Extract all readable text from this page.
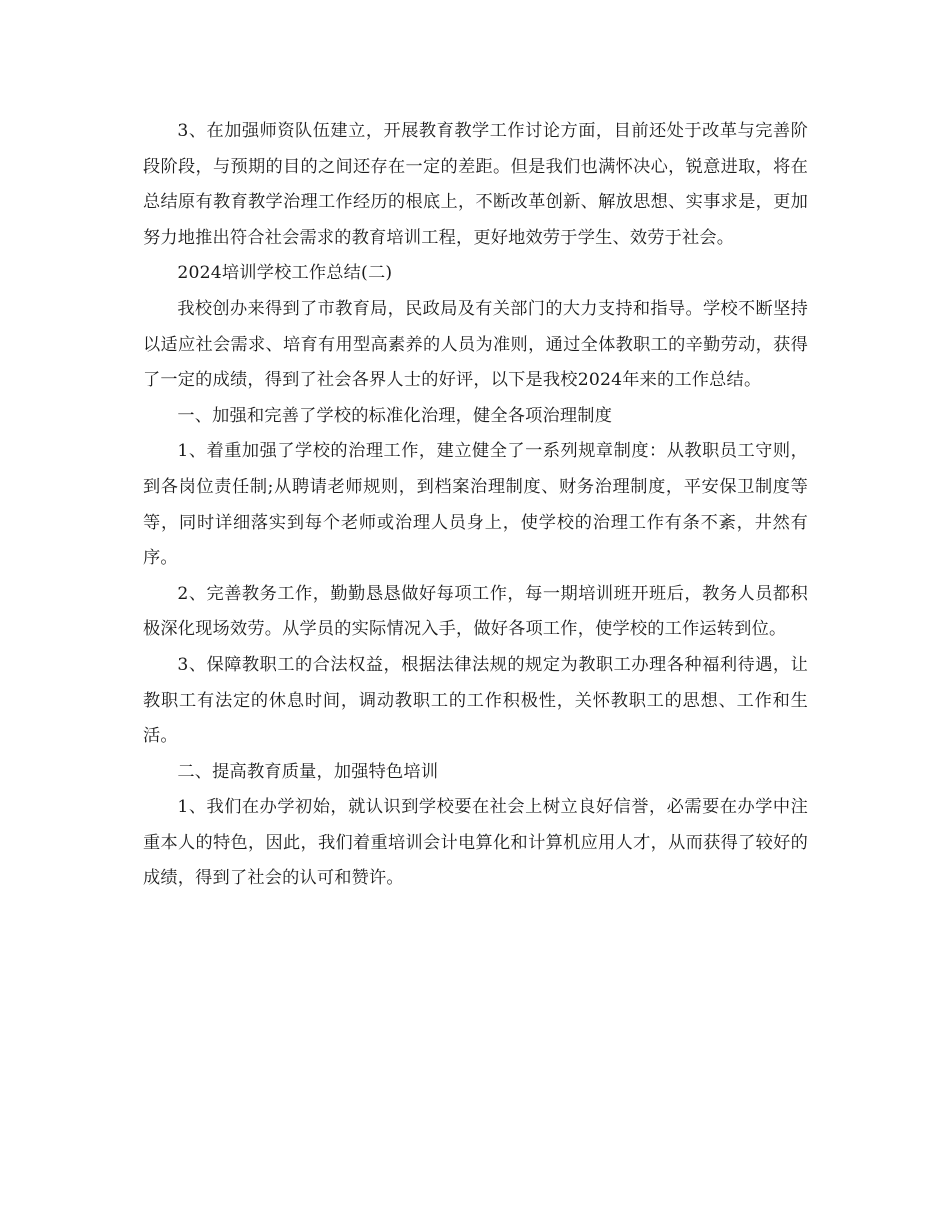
3、在加强师资队伍建立，开展教育教学工作讨论方面，目前还处于改革与完善阶段阶段，与预期的目的之间还存在一定的差距。但是我们也满怀决心，锐意进取，将在总结原有教育教学治理工作经历的根底上，不断改革创新、解放思想、实事求是，更加努力地推出符合社会需求的教育培训工程，更好地效劳于学生、效劳于社会。

2024培训学校工作总结(二)

我校创办来得到了市教育局，民政局及有关部门的大力支持和指导。学校不断坚持以适应社会需求、培育有用型高素养的人员为准则，通过全体教职工的辛勤劳动，获得了一定的成绩，得到了社会各界人士的好评，以下是我校2024年来的工作总结。

一、加强和完善了学校的标准化治理，健全各项治理制度

1、着重加强了学校的治理工作，建立健全了一系列规章制度：从教职员工守则，到各岗位责任制;从聘请老师规则，到档案治理制度、财务治理制度，平安保卫制度等等，同时详细落实到每个老师或治理人员身上，使学校的治理工作有条不紊，井然有序。

2、完善教务工作，勤勤恳恳做好每项工作，每一期培训班开班后，教务人员都积极深化现场效劳。从学员的实际情况入手，做好各项工作，使学校的工作运转到位。

3、保障教职工的合法权益，根据法律法规的规定为教职工办理各种福利待遇，让教职工有法定的休息时间，调动教职工的工作积极性，关怀教职工的思想、工作和生活。

二、提高教育质量，加强特色培训

1、我们在办学初始，就认识到学校要在社会上树立良好信誉，必需要在办学中注重本人的特色，因此，我们着重培训会计电算化和计算机应用人才，从而获得了较好的成绩，得到了社会的认可和赞许。
